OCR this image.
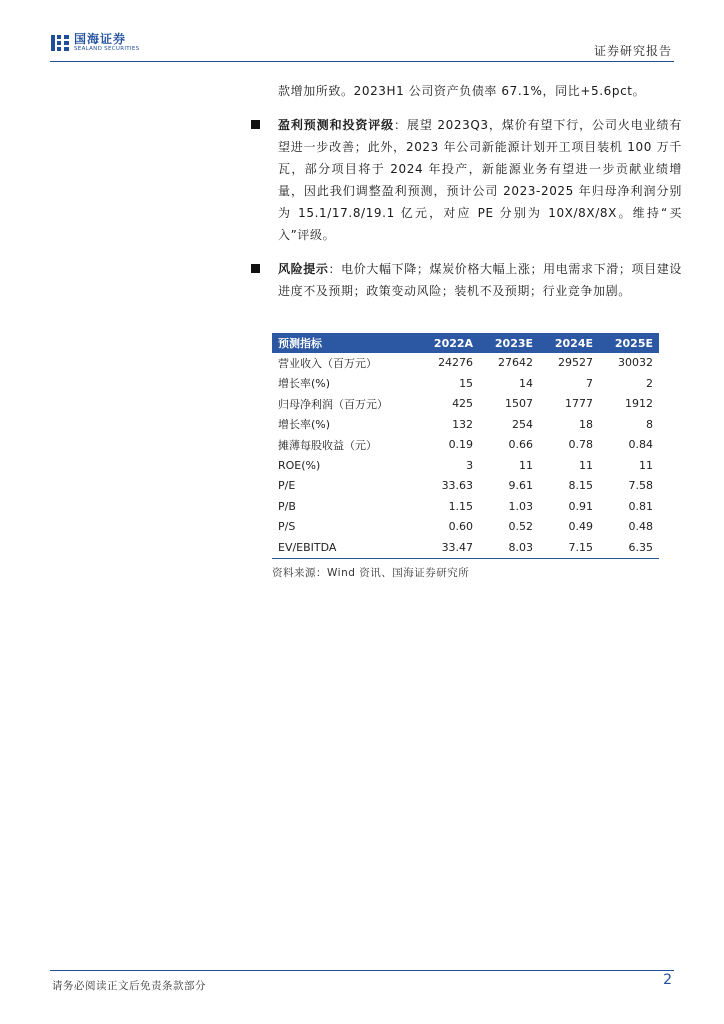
国海证券
SEALAND SECURITIES	证券研究报告

款增加所致。2023H1 公司资产负债率 67.1%，同比+5.6pct。

盈利预测和投资评级：展望 2023Q3，煤价有望下行，公司火电业绩有望进一步改善；此外，2023 年公司新能源计划开工项目装机 100 万千瓦，部分项目将于 2024 年投产，新能源业务有望进一步贡献业绩增量，因此我们调整盈利预测，预计公司 2023-2025 年归母净利润分别为 15.1/17.8/19.1 亿元，对应 PE 分别为 10X/8X/8X。维持“买入”评级。

风险提示：电价大幅下降；煤炭价格大幅上涨；用电需求下滑；项目建设进度不及预期；政策变动风险；装机不及预期；行业竞争加剧。

预测指标	2022A	2023E	2024E	2025E
营业收入（百万元）	24276	27642	29527	30032
增长率(%)	15	14	7	2
归母净利润（百万元）	425	1507	1777	1912
增长率(%)	132	254	18	8
摊薄每股收益（元）	0.19	0.66	0.78	0.84
ROE(%)	3	11	11	11
P/E	33.63	9.61	8.15	7.58
P/B	1.15	1.03	0.91	0.81
P/S	0.60	0.52	0.49	0.48
EV/EBITDA	33.47	8.03	7.15	6.35
资料来源：Wind 资讯、国海证券研究所
请务必阅读正文后免责条款部分	2
